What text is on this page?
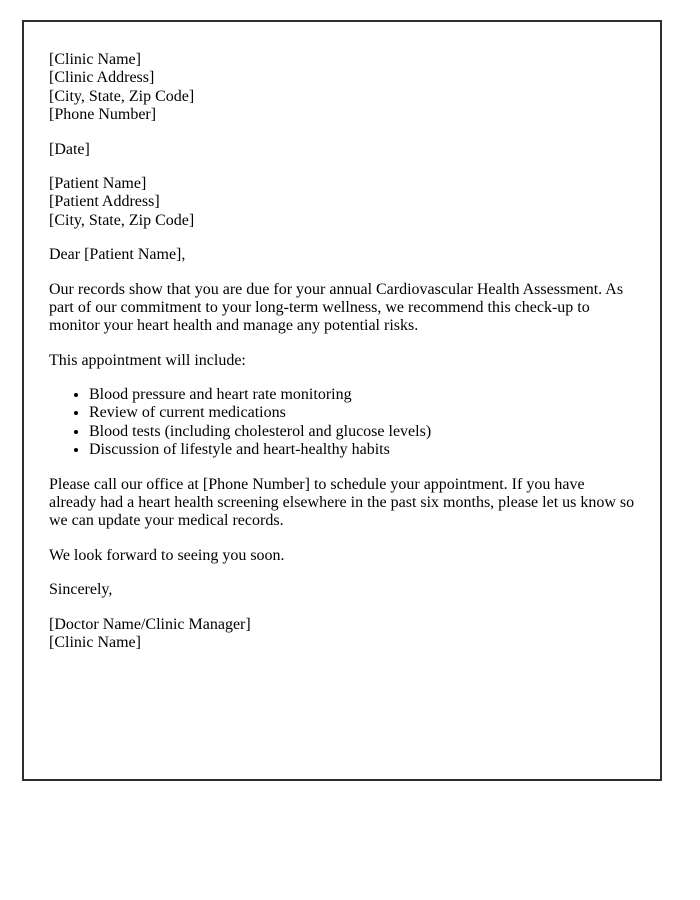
[Clinic Name]
[Clinic Address]
[City, State, Zip Code]
[Phone Number]

[Date]

[Patient Name]
[Patient Address]
[City, State, Zip Code]

Dear [Patient Name],

Our records show that you are due for your annual Cardiovascular Health Assessment. As part of our commitment to your long-term wellness, we recommend this check-up to monitor your heart health and manage any potential risks.

This appointment will include:

• Blood pressure and heart rate monitoring
• Review of current medications
• Blood tests (including cholesterol and glucose levels)
• Discussion of lifestyle and heart-healthy habits

Please call our office at [Phone Number] to schedule your appointment. If you have already had a heart health screening elsewhere in the past six months, please let us know so we can update your medical records.

We look forward to seeing you soon.

Sincerely,

[Doctor Name/Clinic Manager]
[Clinic Name]
